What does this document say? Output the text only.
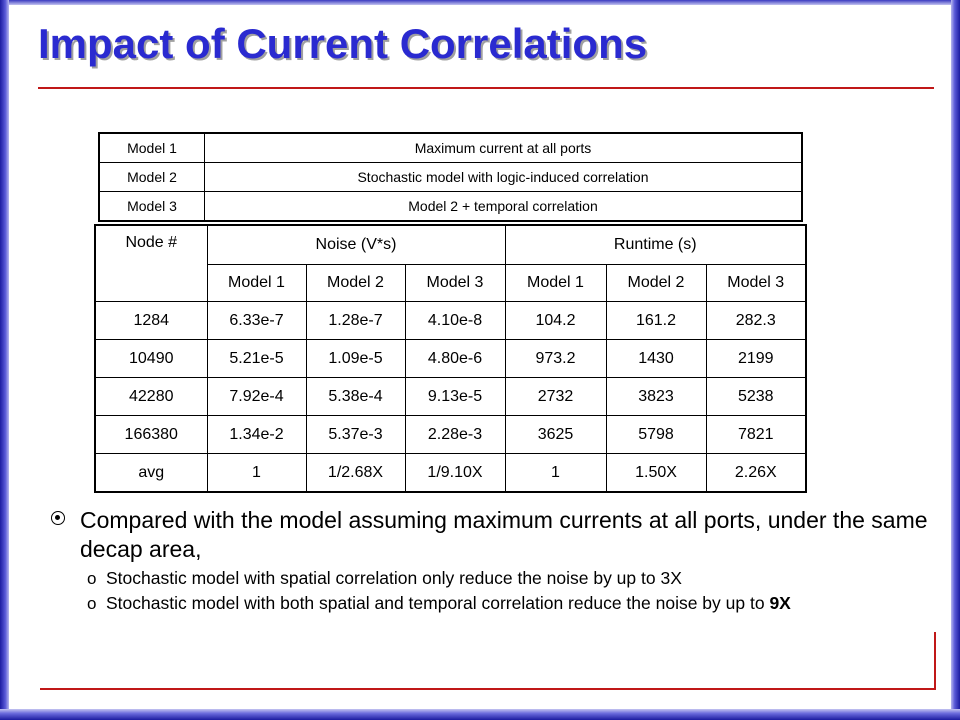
Impact of Current Correlations
Model 1	Maximum current at all ports
Model 2	Stochastic model with logic-induced correlation
Model 3	Model 2 + temporal correlation
Node #	Noise (V*s)			Runtime (s)		
	Model 1	Model 2	Model 3	Model 1	Model 2	Model 3
1284	6.33e-7	1.28e-7	4.10e-8	104.2	161.2	282.3
10490	5.21e-5	1.09e-5	4.80e-6	973.2	1430	2199
42280	7.92e-4	5.38e-4	9.13e-5	2732	3823	5238
166380	1.34e-2	5.37e-3	2.28e-3	3625	5798	7821
avg	1	1/2.68X	1/9.10X	1	1.50X	2.26X
Compared with the model assuming maximum currents at all ports, under the same decap area,
o Stochastic model with spatial correlation only reduce the noise by up to 3X
o Stochastic model with both spatial and temporal correlation reduce the noise by up to 9X
